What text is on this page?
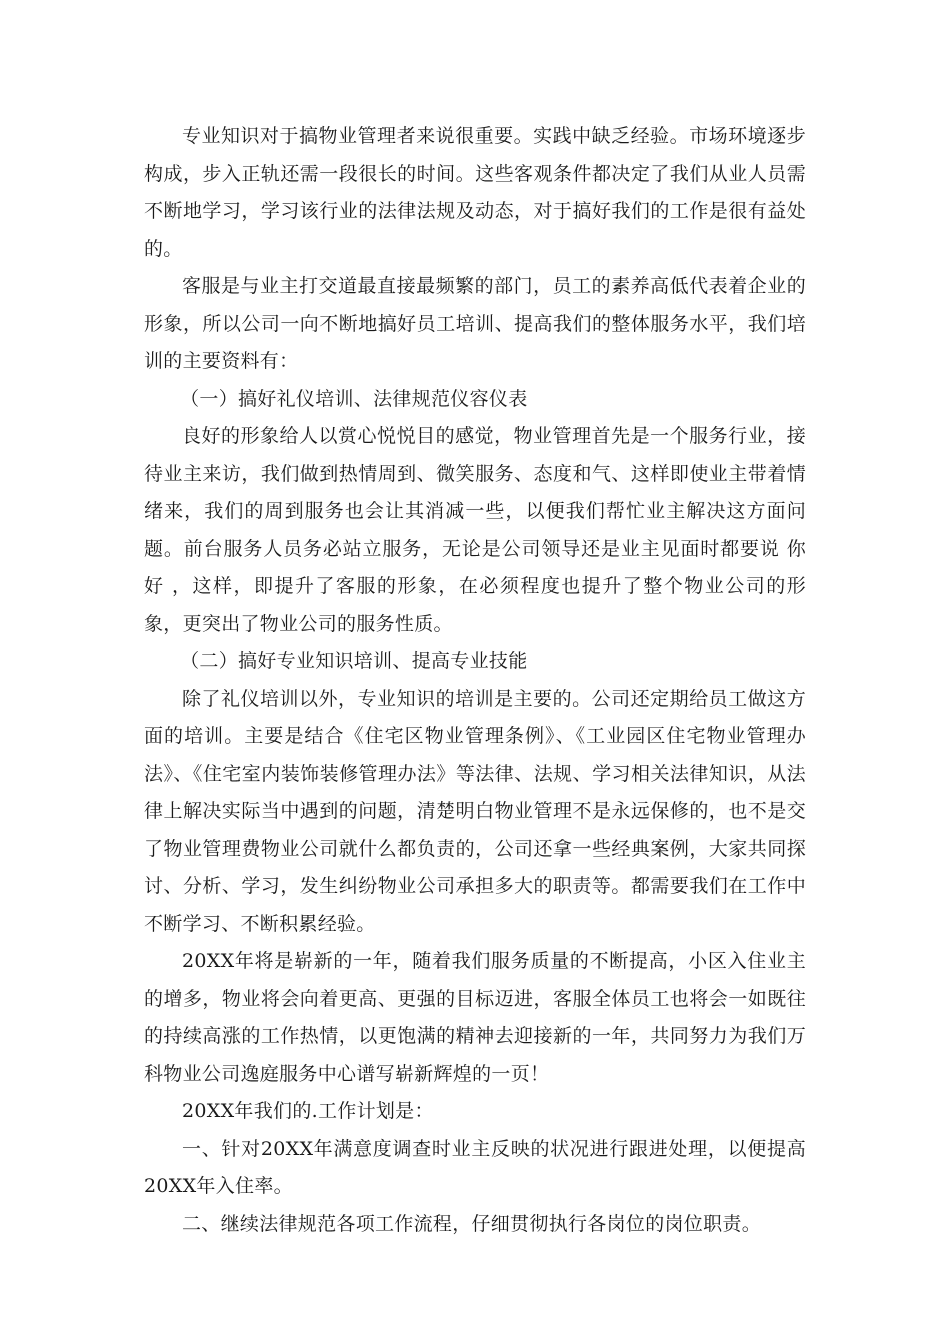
专业知识对于搞物业管理者来说很重要。实践中缺乏经验。市场环境逐步构成，步入正轨还需一段很长的时间。这些客观条件都决定了我们从业人员需不断地学习，学习该行业的法律法规及动态，对于搞好我们的工作是很有益处的。

客服是与业主打交道最直接最频繁的部门，员工的素养高低代表着企业的形象，所以公司一向不断地搞好员工培训、提高我们的整体服务水平，我们培训的主要资料有：

（一）搞好礼仪培训、法律规范仪容仪表

良好的形象给人以赏心悦悦目的感觉，物业管理首先是一个服务行业，接待业主来访，我们做到热情周到、微笑服务、态度和气、这样即使业主带着情绪来，我们的周到服务也会让其消减一些，以便我们帮忙业主解决这方面问题。前台服务人员务必站立服务，无论是公司领导还是业主见面时都要说 你好 ，这样，即提升了客服的形象，在必须程度也提升了整个物业公司的形象，更突出了物业公司的服务性质。

（二）搞好专业知识培训、提高专业技能

除了礼仪培训以外，专业知识的培训是主要的。公司还定期给员工做这方面的培训。主要是结合《住宅区物业管理条例》、《工业园区住宅物业管理办法》、《住宅室内装饰装修管理办法》等法律、法规、学习相关法律知识，从法律上解决实际当中遇到的问题，清楚明白物业管理不是永远保修的，也不是交了物业管理费物业公司就什么都负责的，公司还拿一些经典案例，大家共同探讨、分析、学习，发生纠纷物业公司承担多大的职责等。都需要我们在工作中不断学习、不断积累经验。

20XX年将是崭新的一年，随着我们服务质量的不断提高，小区入住业主的增多，物业将会向着更高、更强的目标迈进，客服全体员工也将会一如既往的持续高涨的工作热情，以更饱满的精神去迎接新的一年，共同努力为我们万科物业公司逸庭服务中心谱写崭新辉煌的一页！

20XX年我们的.工作计划是：

一、针对20XX年满意度调查时业主反映的状况进行跟进处理，以便提高20XX年入住率。

二、继续法律规范各项工作流程，仔细贯彻执行各岗位的岗位职责。
